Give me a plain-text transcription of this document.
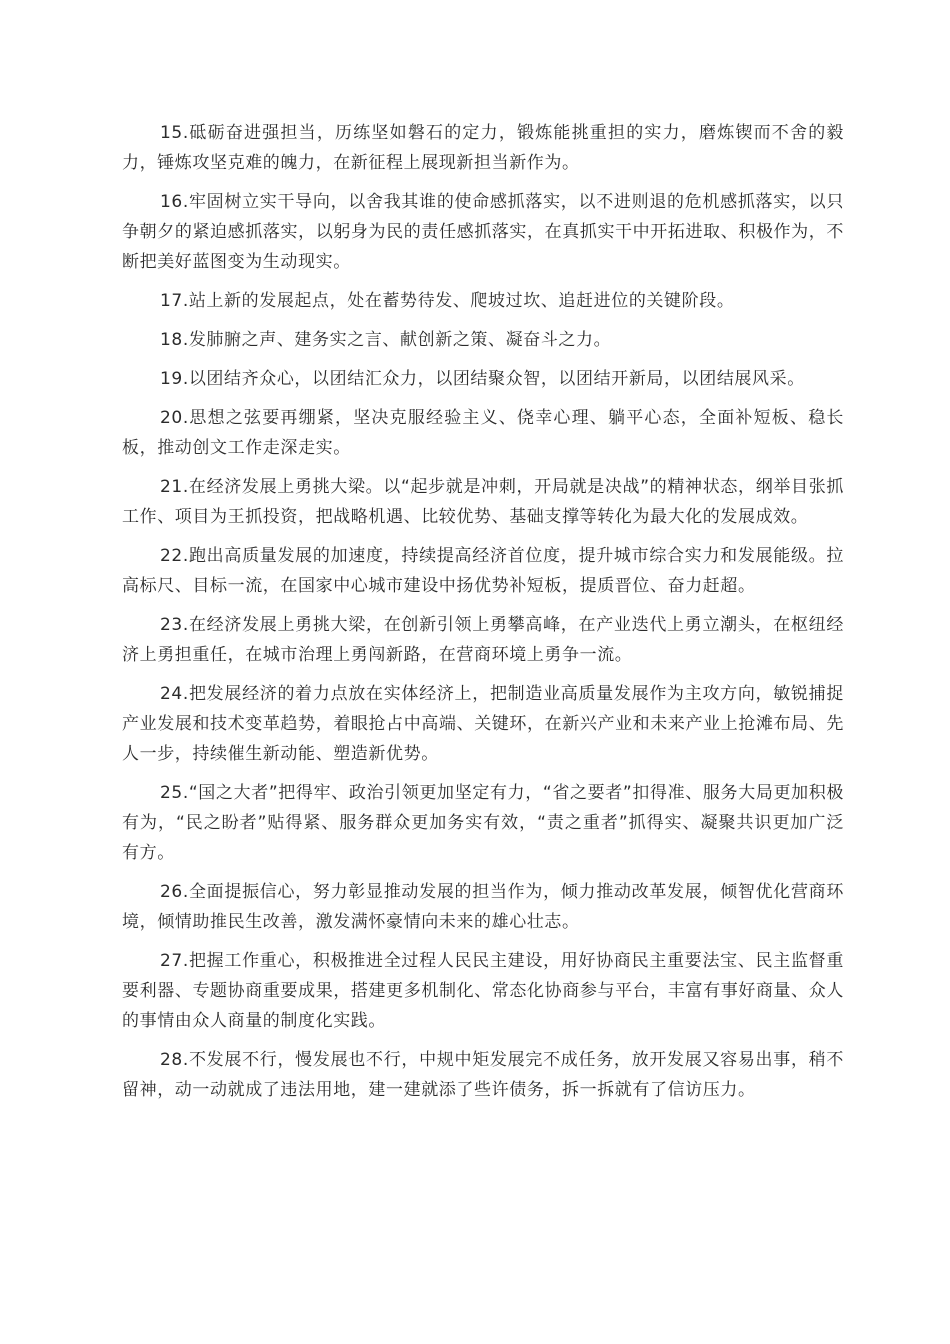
15.砥砺奋进强担当，历练坚如磐石的定力，锻炼能挑重担的实力，磨炼锲而不舍的毅力，锤炼攻坚克难的魄力，在新征程上展现新担当新作为。

16.牢固树立实干导向，以舍我其谁的使命感抓落实，以不进则退的危机感抓落实，以只争朝夕的紧迫感抓落实，以躬身为民的责任感抓落实，在真抓实干中开拓进取、积极作为，不断把美好蓝图变为生动现实。

17.站上新的发展起点，处在蓄势待发、爬坡过坎、追赶进位的关键阶段。

18.发肺腑之声、建务实之言、献创新之策、凝奋斗之力。

19.以团结齐众心，以团结汇众力，以团结聚众智，以团结开新局，以团结展风采。

20.思想之弦要再绷紧，坚决克服经验主义、侥幸心理、躺平心态，全面补短板、稳长板，推动创文工作走深走实。

21.在经济发展上勇挑大梁。以“起步就是冲刺，开局就是决战”的精神状态，纲举目张抓工作、项目为王抓投资，把战略机遇、比较优势、基础支撑等转化为最大化的发展成效。

22.跑出高质量发展的加速度，持续提高经济首位度，提升城市综合实力和发展能级。拉高标尺、目标一流，在国家中心城市建设中扬优势补短板，提质晋位、奋力赶超。

23.在经济发展上勇挑大梁，在创新引领上勇攀高峰，在产业迭代上勇立潮头，在枢纽经济上勇担重任，在城市治理上勇闯新路，在营商环境上勇争一流。

24.把发展经济的着力点放在实体经济上，把制造业高质量发展作为主攻方向，敏锐捕捉产业发展和技术变革趋势，着眼抢占中高端、关键环，在新兴产业和未来产业上抢滩布局、先人一步，持续催生新动能、塑造新优势。

25.“国之大者”把得牢、政治引领更加坚定有力，“省之要者”扣得准、服务大局更加积极有为，“民之盼者”贴得紧、服务群众更加务实有效，“责之重者”抓得实、凝聚共识更加广泛有方。

26.全面提振信心，努力彰显推动发展的担当作为，倾力推动改革发展，倾智优化营商环境，倾情助推民生改善，激发满怀豪情向未来的雄心壮志。

27.把握工作重心，积极推进全过程人民民主建设，用好协商民主重要法宝、民主监督重要利器、专题协商重要成果，搭建更多机制化、常态化协商参与平台，丰富有事好商量、众人的事情由众人商量的制度化实践。

28.不发展不行，慢发展也不行，中规中矩发展完不成任务，放开发展又容易出事，稍不留神，动一动就成了违法用地，建一建就添了些许债务，拆一拆就有了信访压力。
